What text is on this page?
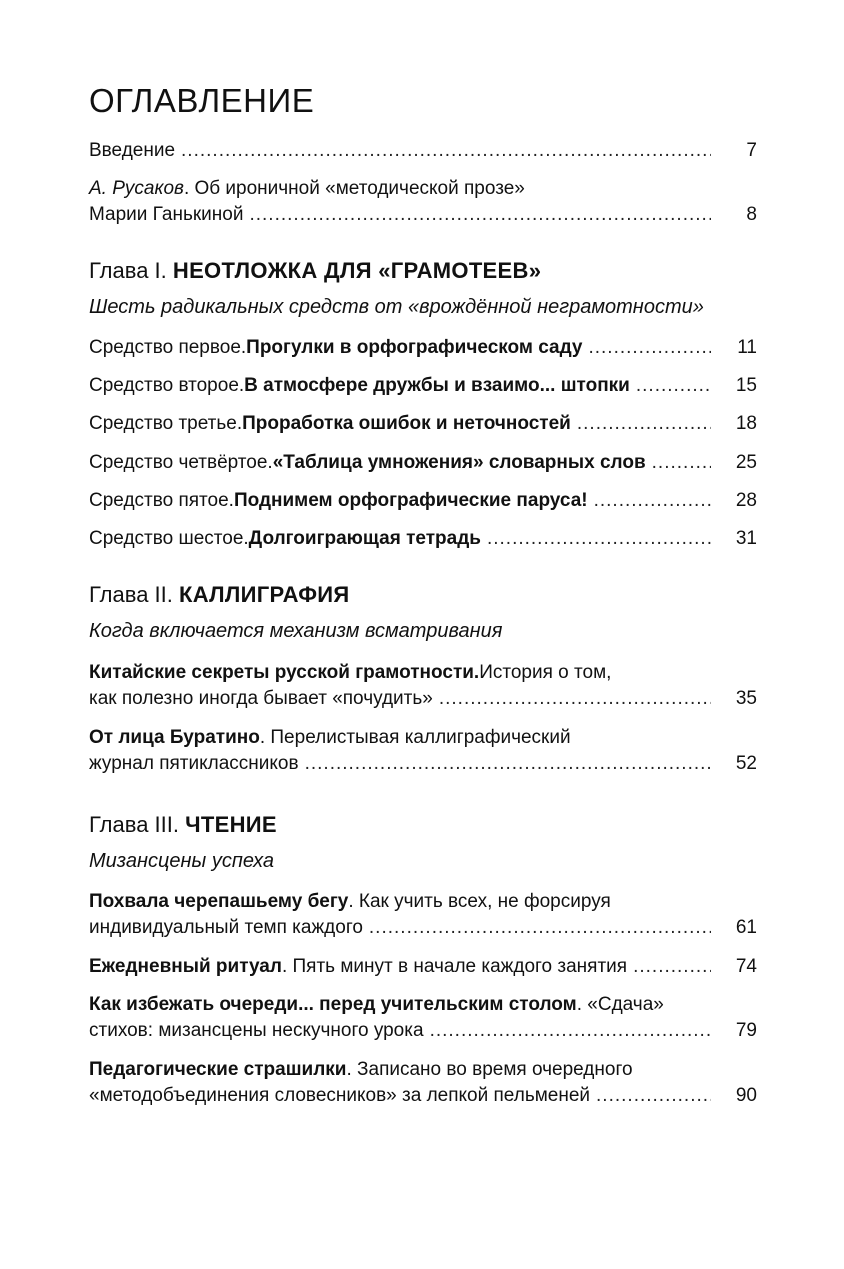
ОГЛАВЛЕНИЕ
Введение .....	7
А. Русаков . Об ироничной «методической прозе»
Марии Ганькиной .....	8
Глава I. НЕОТЛОЖКА ДЛЯ «ГРАМОТЕЕВ»
Шесть радикальных средств от «врождённой неграмотности»
Средство первое. Прогулки в орфографическом саду .....	11
Средство второе. В атмосфере дружбы и взаимо... штопки .....	15
Средство третье. Проработка ошибок и неточностей .....	18
Средство четвёртое. «Таблица умножения» словарных слов .....	25
Средство пятое. Поднимем орфографические паруса! .....	28
Средство шестое. Долгоиграющая тетрадь .....	31
Глава II. КАЛЛИГРАФИЯ
Когда включается механизм всматривания
Китайские секреты русской грамотности. История о том,
как полезно иногда бывает «почудить» .....	35
От лица Буратино . Перелистывая каллиграфический
журнал пятиклассников .....	52
Глава III. ЧТЕНИЕ
Мизансцены успеха
Похвала черепашьему бегу . Как учить всех, не форсируя
индивидуальный темп каждого .....	61
Ежедневный ритуал . Пять минут в начале каждого занятия .....	74
Как избежать очереди... перед учительским столом . «Сдача»
стихов: мизансцены нескучного урока .....	79
Педагогические страшилки . Записано во время очередного
«методобъединения словесников» за лепкой пельменей .....	90
